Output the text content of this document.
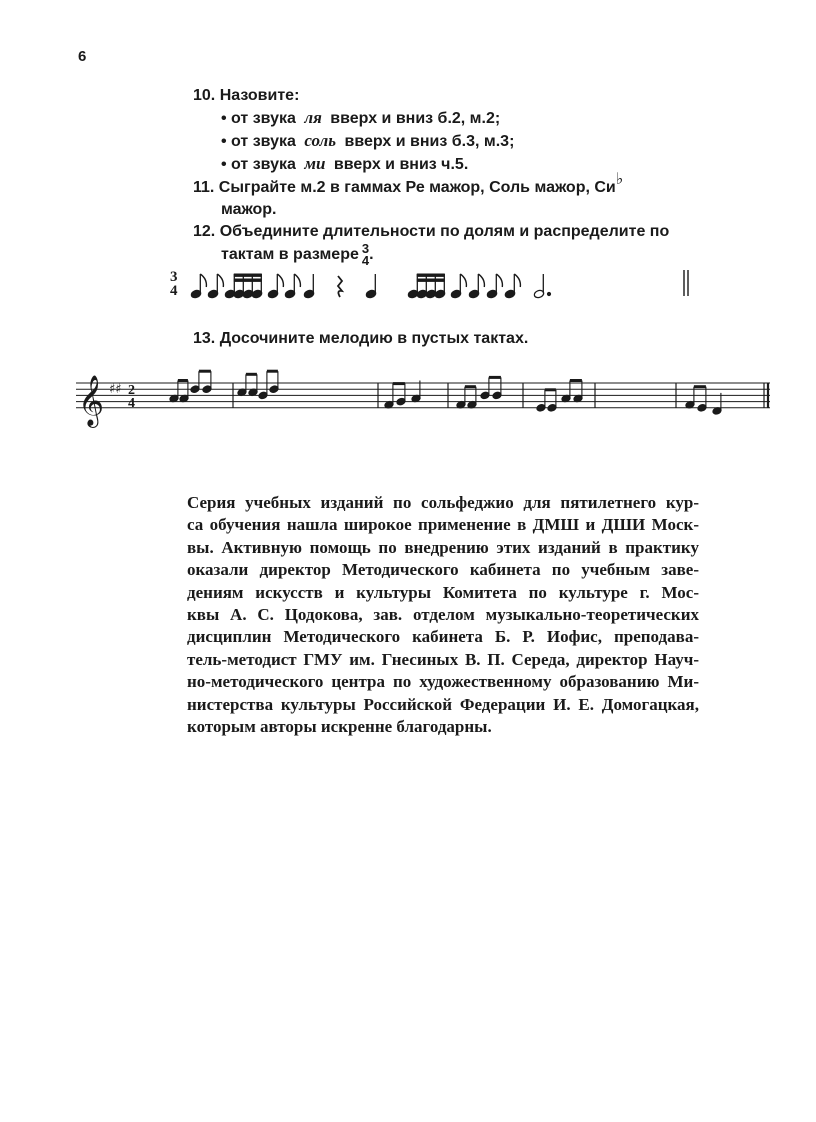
6
10. Назовите:
• от звука ля вверх и вниз б.2, м.2;
• от звука соль вверх и вниз б.3, м.3;
• от звука ми вверх и вниз ч.5.
11. Сыграйте м.2 в гаммах Ре мажор, Соль мажор, Си♭
мажор.
12. Объедините длительности по долям и распределите по
тактам в размере 3
4 .
3
4
13. Досочините мелодию в пустых тактах.
𝄞 ♯♯ 2
4
Серия учебных изданий по сольфеджио для пятилетнего кур-
са обучения нашла широкое применение в ДМШ и ДШИ Моск-
вы. Активную помощь по внедрению этих изданий в практику
оказали директор Методического кабинета по учебным заве-
дениям искусств и культуры Комитета по культуре г. Мос-
квы А. С. Цодокова, зав. отделом музыкально-теоретических
дисциплин Методического кабинета Б. Р. Иофис, преподава-
тель-методист ГМУ им. Гнесиных В. П. Середа, директор Науч-
но-методического центра по художественному образованию Ми-
нистерства культуры Российской Федерации И. Е. Домогацкая,
которым авторы искренне благодарны.
